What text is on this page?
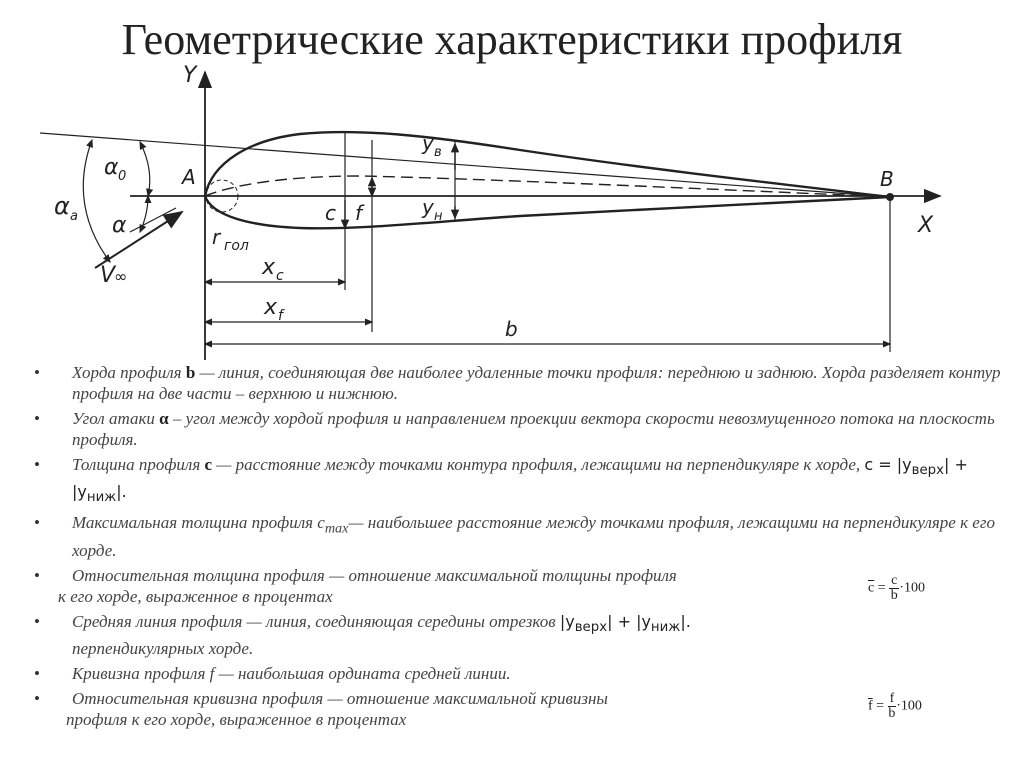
Геометрические характеристики профиля
Y
X
A	B
α 0
α a α
V
∞
y в
y н
c f
r гол
x c
x f
b
• Хорда профиля b — линия, соединяющая две наиболее удаленные точки профиля: переднюю и заднюю. Хорда разделяет контур профиля на две части – верхнюю и нижнюю.
• Угол атаки α – угол между хордой профиля и направлением проекции вектора скорости невозмущенного потока на плоскость профиля.
• Толщина профиля с — расстояние между точками контура профиля, лежащими на перпендикуляре к хорде, $с = |y_{верх}| + |y_{ниж}|$.
• Максимальная толщина профиля $с_{max}—$ наибольшее расстояние между точками профиля, лежащими на перпендикуляре к его хорде.
• Относительная толщина профиля — отношение максимальной толщины профиля
к его хорде, выраженное в процентах
• Средняя линия профиля — линия, соединяющая середины отрезков $|y_{верх}| + |y_{ниж}|$.
перпендикулярных хорде.
• Кривизна профиля f — наибольшая ордината средней линии.
• Относительная кривизна профиля — отношение максимальной кривизны
профиля к его хорде, выраженное в процентах
$\overline{c} = \frac{c}{b} \cdot 100$
$\overline{f} = \frac{f}{b} \cdot 100$
